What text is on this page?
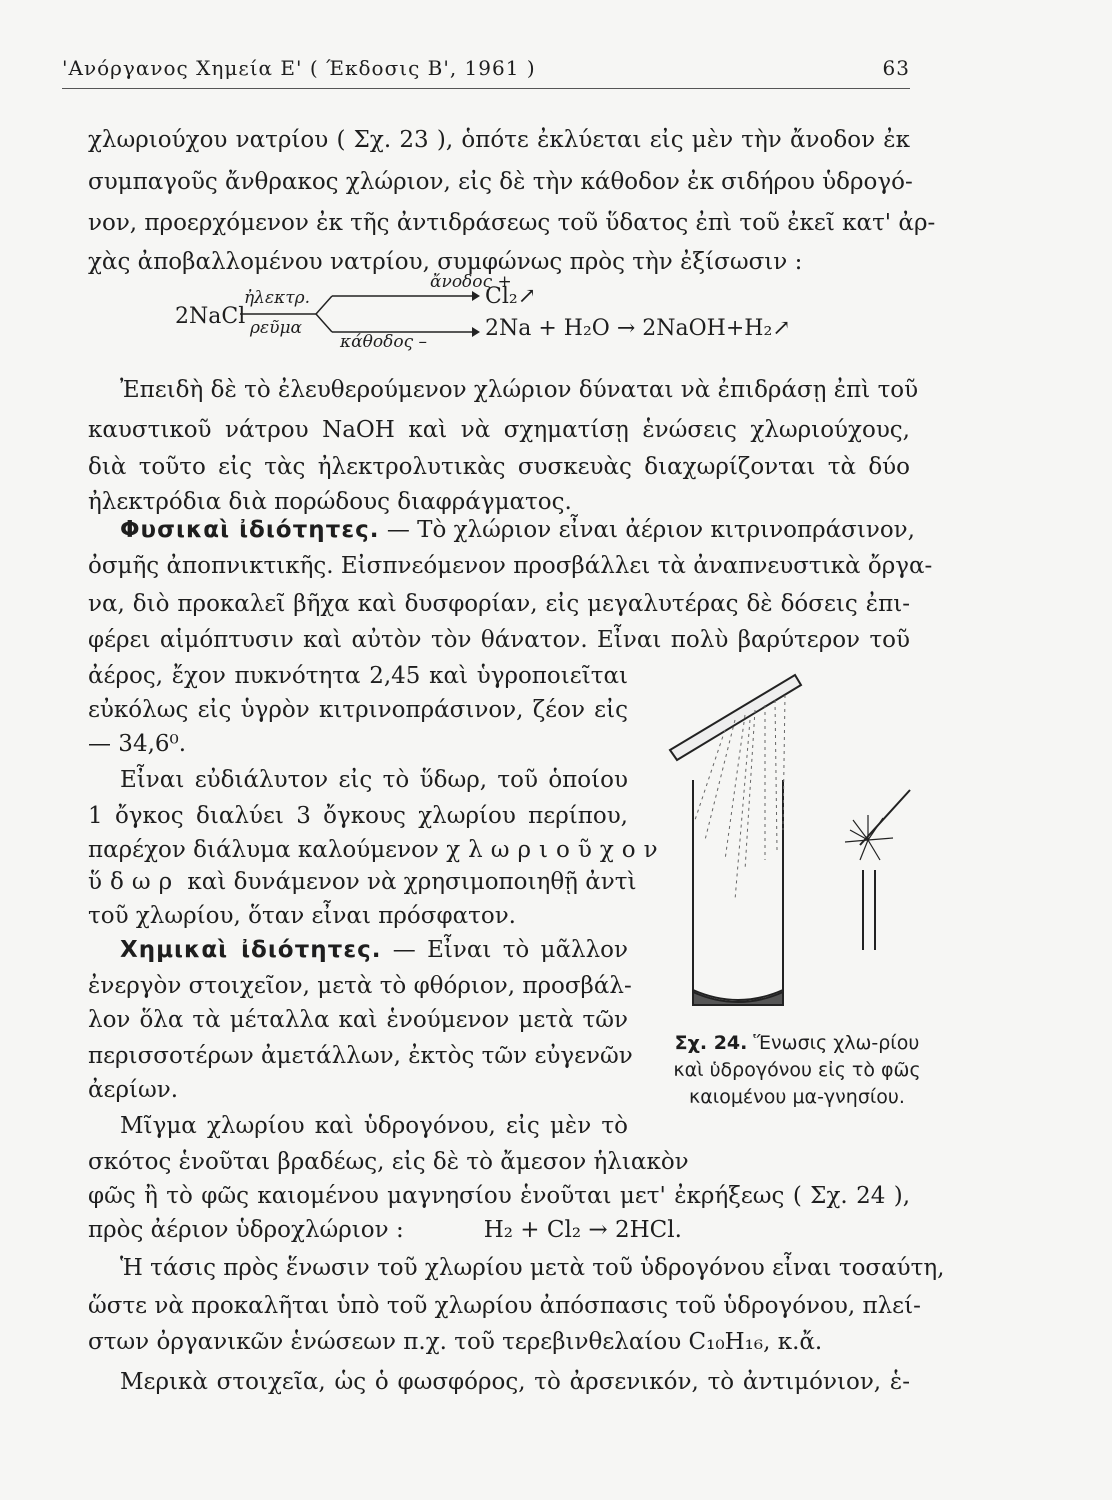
'Ανόργανος Χημεία Ε' ( Έκδοσις Β', 1961 )	63
χλωριούχου νατρίου ( Σχ. 23 ), ὁπότε ἐκλύεται εἰς μὲν τὴν ἄνοδον ἐκ
συμπαγοῦς ἄνθρακος χλώριον, εἰς δὲ τὴν κάθοδον ἐκ σιδήρου ὑδρογό-
νον, προερχόμενον ἐκ τῆς ἀντιδράσεως τοῦ ὕδατος ἐπὶ τοῦ ἐκεῖ κατ' ἀρ-
χὰς ἀποβαλλομένου νατρίου, συμφώνως πρὸς τὴν ἐξίσωσιν :
ἄνοδος +
2NaCl
ἠλεκτρ.
ρεῦμα
Cl₂↗
2Na + H₂O → 2NaOH+H₂↗
κάθοδος –
Ἐπειδὴ δὲ τὸ ἐλευθερούμενον χλώριον δύναται νὰ ἐπιδράσῃ ἐπὶ τοῦ
καυστικοῦ νάτρου NaOH καὶ νὰ σχηματίσῃ ἑνώσεις χλωριούχους,
διὰ τοῦτο εἰς τὰς ἠλεκτρολυτικὰς συσκευὰς διαχωρίζονται τὰ δύο
ἠλεκτρόδια διὰ πορώδους διαφράγματος.
Φυσικαὶ ἰδιότητες. — Τὸ χλώριον εἶναι ἀέριον κιτρινοπράσινον,
ὀσμῆς ἀποπνικτικῆς. Εἰσπνεόμενον προσβάλλει τὰ ἀναπνευστικὰ ὄργα-
να, διὸ προκαλεῖ βῆχα καὶ δυσφορίαν, εἰς μεγαλυτέρας δὲ δόσεις ἐπι-
φέρει αἱμόπτυσιν καὶ αὐτὸν τὸν θάνατον. Εἶναι πολὺ βαρύτερον τοῦ
ἀέρος, ἔχον πυκνότητα 2,45 καὶ ὑγροποιεῖται
εὐκόλως εἰς ὑγρὸν κιτρινοπράσινον, ζέον εἰς
— 34,6⁰.
Εἶναι εὐδιάλυτον εἰς τὸ ὕδωρ, τοῦ ὁποίου
1 ὄγκος διαλύει 3 ὄγκους χλωρίου περίπου,
παρέχον διάλυμα καλούμενον χλωριοῦχον
ὕδωρ καὶ δυνάμενον νὰ χρησιμοποιηθῇ ἀντὶ
τοῦ χλωρίου, ὅταν εἶναι πρόσφατον.
Χημικαὶ ἰδιότητες. — Εἶναι τὸ μᾶλλον
ἐνεργὸν στοιχεῖον, μετὰ τὸ φθόριον, προσβάλ-
λον ὅλα τὰ μέταλλα καὶ ἑνούμενον μετὰ τῶν
περισσοτέρων ἀμετάλλων, ἐκτὸς τῶν εὐγενῶν
ἀερίων.
Μῖγμα χλωρίου καὶ ὑδρογόνου, εἰς μὲν τὸ
σκότος ἑνοῦται βραδέως, εἰς δὲ τὸ ἄμεσον ἡλιακὸν
φῶς ἢ τὸ φῶς καιομένου μαγνησίου ἑνοῦται μετ' ἐκρήξεως ( Σχ. 24 ),
πρὸς ἀέριον ὑδροχλώριον :	H₂ + Cl₂ → 2HCl.
Ἡ τάσις πρὸς ἕνωσιν τοῦ χλωρίου μετὰ τοῦ ὑδρογόνου εἶναι τοσαύτη,
ὥστε νὰ προκαλῆται ὑπὸ τοῦ χλωρίου ἀπόσπασις τοῦ ὑδρογόνου, πλεί-
στων ὀργανικῶν ἑνώσεων π.χ. τοῦ τερεβινθελαίου C₁₀H₁₆, κ.ἄ.
Μερικὰ στοιχεῖα, ὡς ὁ φωσφόρος, τὸ ἀρσενικόν, τὸ ἀντιμόνιον, ἑ-
Σχ. 24. Ἕνωσις χλω-ρίου καὶ ὑδρογόνου εἰς τὸ φῶς καιομένου μα-γνησίου.
